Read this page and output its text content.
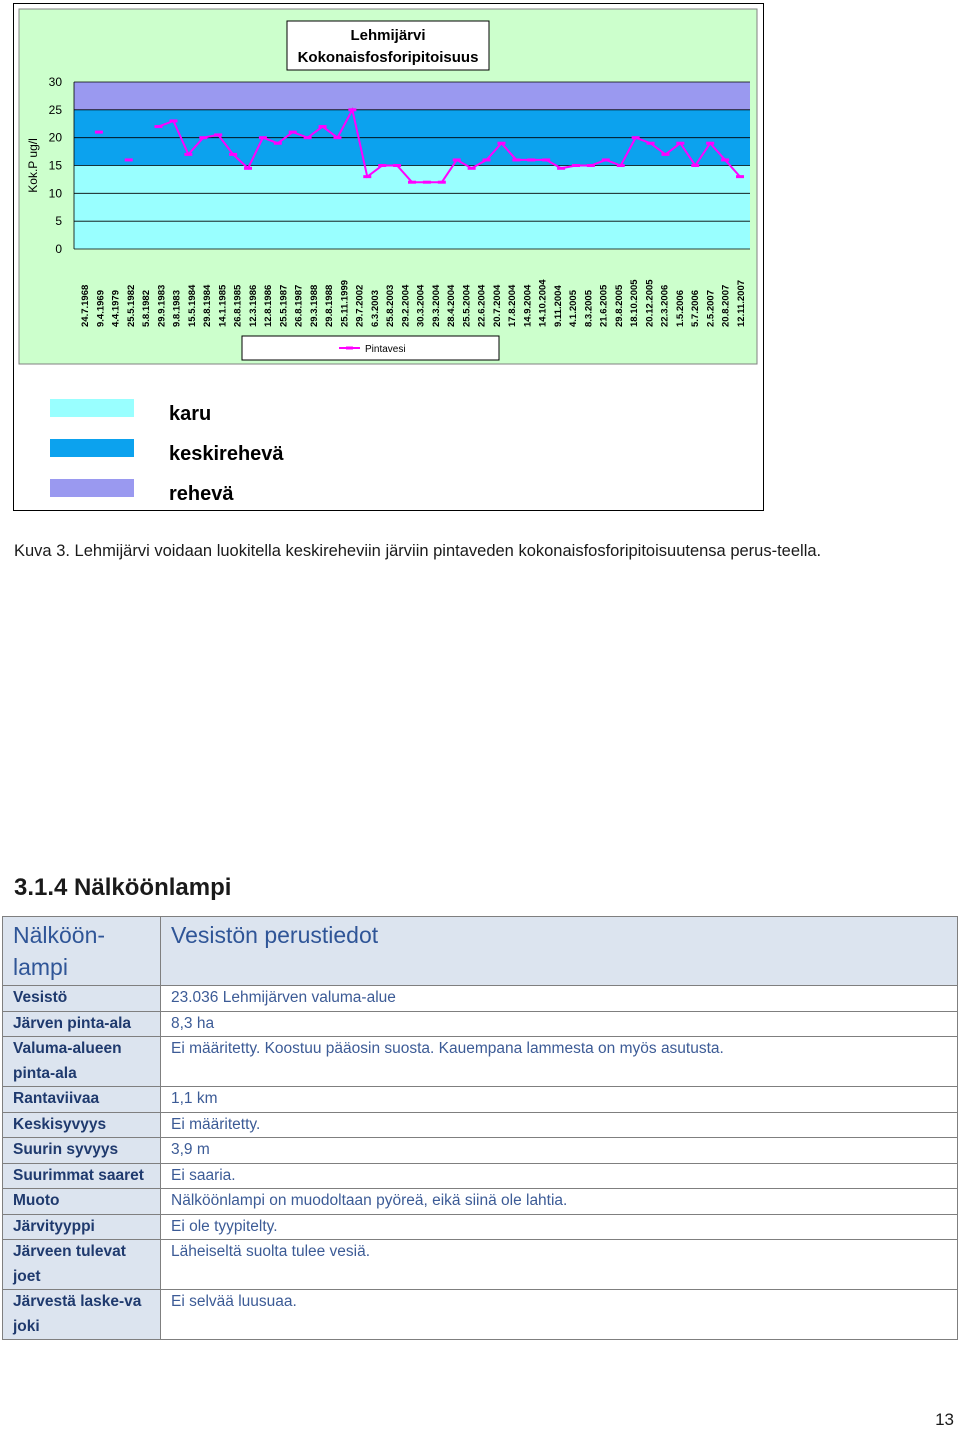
Lehmijärvi
Kokonaisfosforipitoisuus
0
5
10
15
20
25
30
Kok.P ug/l
24.7.1968 9.4.1969 4.4.1979 25.5.1982 5.8.1982 29.9.1983 9.8.1983 15.5.1984 29.8.1984 14.1.1985 26.8.1985 12.3.1986 12.8.1986 25.5.1987 26.8.1987 29.3.1988 29.8.1988 25.11.1999 29.7.2002 6.3.2003 25.8.2003 29.2.2004 30.3.2004 29.3.2004 28.4.2004 25.5.2004 22.6.2004 20.7.2004 17.8.2004 14.9.2004 14.10.2004 9.11.2004 4.1.2005 8.3.2005 21.6.2005 29.8.2005 18.10.2005 20.12.2005 22.3.2006 1.5.2006 5.7.2006 2.5.2007 20.8.2007 12.11.2007
Pintavesi
karu
keskirehevä
rehevä
Kuva 3. Lehmijärvi voidaan luokitella keskireheviin järviin pintaveden kokonaisfosforipitoisuutensa perus-teella.
3.1.4 Nälköönlampi
Nälköön-lampi	Vesistön perustiedot
Vesistö	23.036 Lehmijärven valuma-alue
Järven pinta-ala	8,3 ha
Valuma-alueen pinta-ala	Ei määritetty. Koostuu pääosin suosta. Kauempana lammesta on myös asutusta.
Rantaviivaa	1,1 km
Keskisyvyys	Ei määritetty.
Suurin syvyys	3,9 m
Suurimmat saaret	Ei saaria.
Muoto	Nälköönlampi on muodoltaan pyöreä, eikä siinä ole lahtia.
Järvityyppi	Ei ole tyypitelty.
Järveen tulevat joet	Läheiseltä suolta tulee vesiä.
Järvestä laske-va joki	Ei selvää luusuaa.
13
